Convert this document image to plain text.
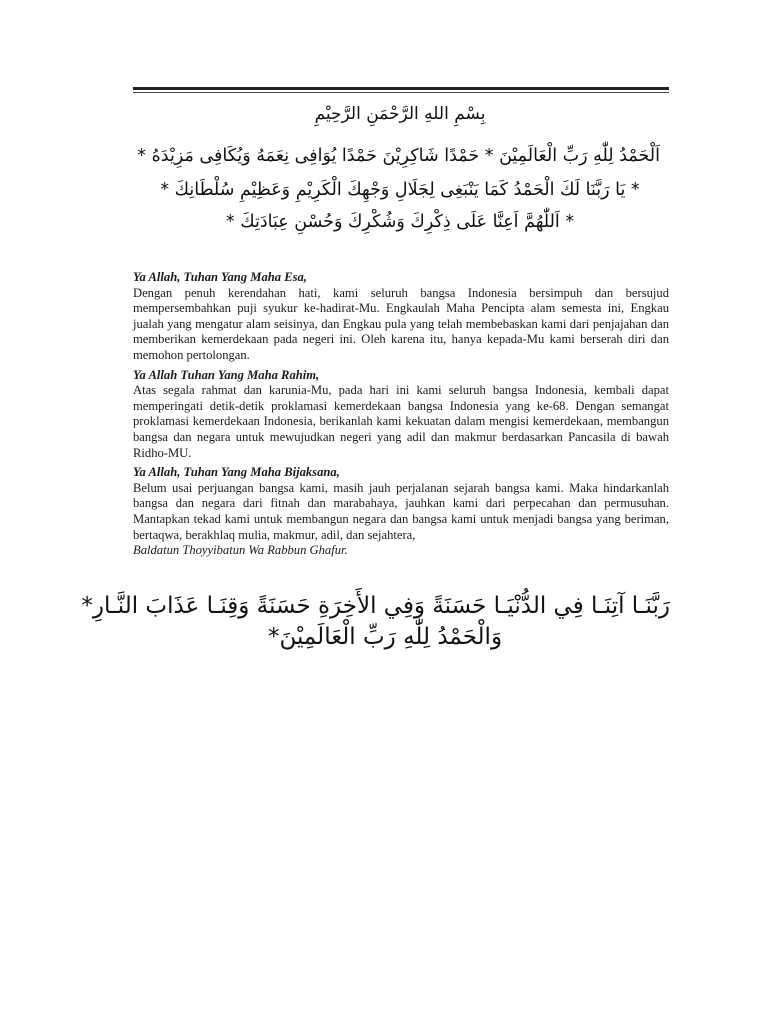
بِسْمِ اللهِ الرَّحْمَنِ الرَّحِيْمِ
اَلْحَمْدُ لِلّٰهِ رَبِّ الْعَالَمِيْنَ * حَمْدًا شَاكِرِيْنَ حَمْدًا يُوَافِى نِعَمَهُ وَيُكَافِى مَزِيْدَهُ *
* يَا رَبَّنَا لَكَ الْحَمْدُ كَمَا يَنْبَغِى لِجَلَالِ وَجْهِكَ الْكَرِيْمِ وَعَظِيْمِ سُلْطَانِكَ *
* اَللّٰهُمَّ اَعِنَّا عَلَى ذِكْرِكَ وَشُكْرِكَ وَحُسْنِ عِبَادَتِكَ *
Ya Allah, Tuhan Yang Maha Esa,
Dengan penuh kerendahan hati, kami seluruh bangsa Indonesia bersimpuh dan bersujud mempersembahkan puji syukur ke-hadirat-Mu. Engkaulah Maha Pencipta alam semesta ini, Engkau jualah yang mengatur alam seisinya, dan Engkau pula yang telah membebaskan kami dari penjajahan dan memberikan kemerdekaan pada negeri ini. Oleh karena itu, hanya kepada-Mu kami berserah diri dan memohon pertolongan.
Ya Allah Tuhan Yang Maha Rahim,
Atas segala rahmat dan karunia-Mu, pada hari ini kami seluruh bangsa Indonesia, kembali dapat memperingati detik-detik proklamasi kemerdekaan bangsa Indonesia yang ke-68. Dengan semangat proklamasi kemerdekaan Indonesia, berikanlah kami kekuatan dalam mengisi kemerdekaan, membangun bangsa dan negara untuk mewujudkan negeri yang adil dan makmur berdasarkan Pancasila di bawah Ridho-MU.
Ya Allah, Tuhan Yang Maha Bijaksana,
Belum usai perjuangan bangsa kami, masih jauh perjalanan sejarah bangsa kami. Maka hindarkanlah bangsa dan negara dari fitnah dan marabahaya, jauhkan kami dari perpecahan dan permusuhan. Mantapkan tekad kami untuk membangun negara dan bangsa kami untuk menjadi bangsa yang beriman, bertaqwa, berakhlaq mulia, makmur, adil, dan sejahtera,
Baldatun Thoyyibatun Wa Rabbun Ghafur.
رَبَّنَـا آتِنَـا فِي الدُّنْيَـا حَسَنَةً وَفِي الأَخِرَةِ حَسَنَةً وَقِنَـا عَذَابَ النَّـارِ*
وَالْحَمْدُ لِلّٰهِ رَبِّ الْعَالَمِيْنَ*
